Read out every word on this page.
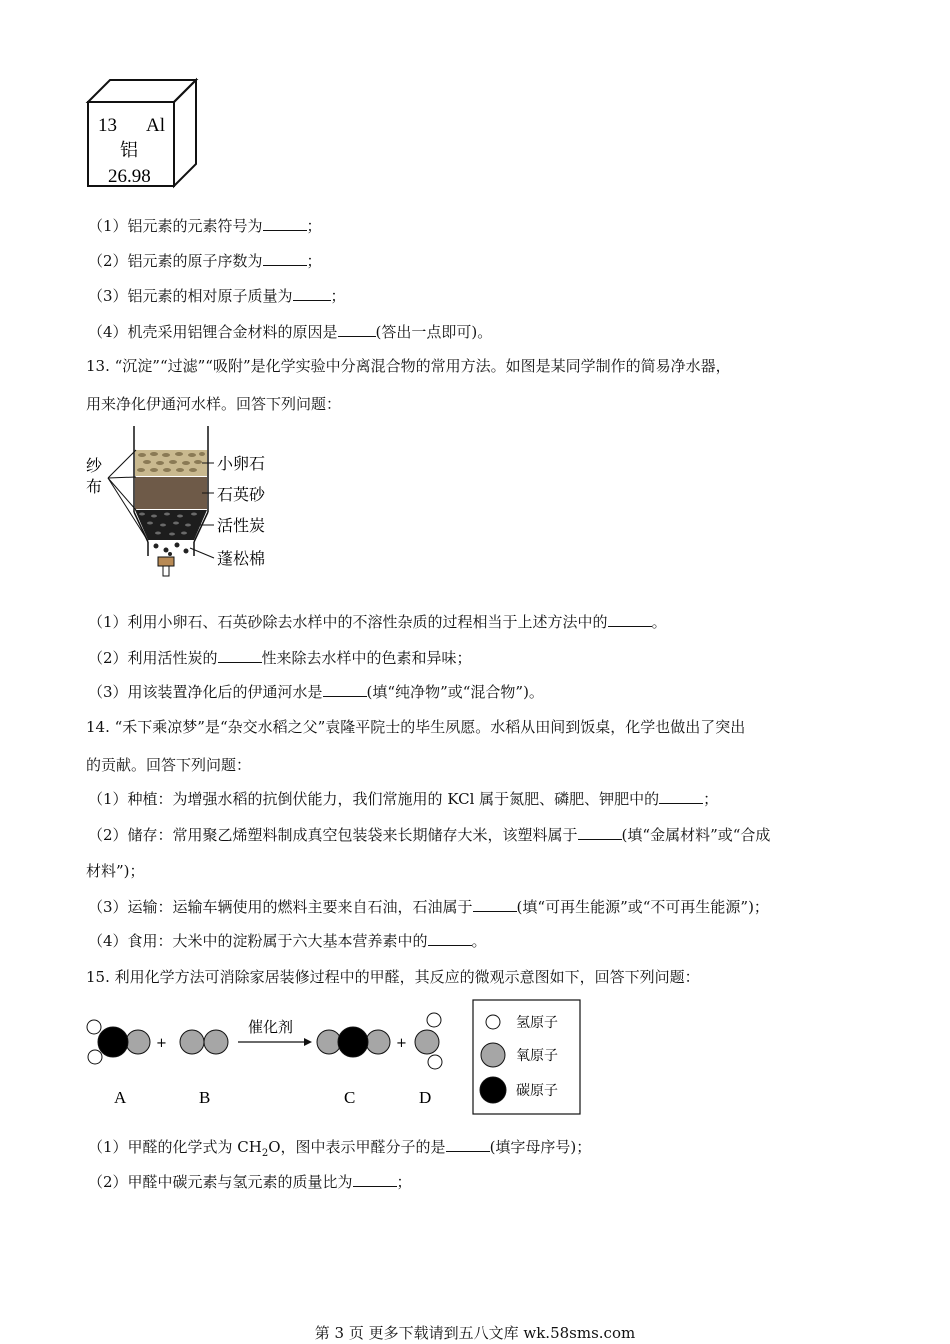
13 Al
铝
26.98
（1）铝元素的元素符号为	；
（2）铝元素的原子序数为	；
（3）铝元素的相对原子质量为	；
（4）机壳采用铝锂合金材料的原因是	(答出一点即可)。
13. “沉淀”“过滤”“吸附”是化学实验中分离混合物的常用方法。如图是某同学制作的简易净水器，
用来净化伊通河水样。回答下列问题：
纱
布
小卵石
石英砂
活性炭
蓬松棉
（1）利用小卵石、石英砂除去水样中的不溶性杂质的过程相当于上述方法中的	。
（2）利用活性炭的	性来除去水样中的色素和异味；
（3）用该装置净化后的伊通河水是	(填“纯净物”或“混合物”)。
14. “禾下乘凉梦”是“杂交水稻之父”袁隆平院士的毕生夙愿。水稻从田间到饭桌，化学也做出了突出
的贡献。回答下列问题：
（1）种植：为增强水稻的抗倒伏能力，我们常施用的 KCl 属于氮肥、磷肥、钾肥中的	；
（2）储存：常用聚乙烯塑料制成真空包装袋来长期储存大米，该塑料属于	(填“金属材料”或“合成
材料”)；
（3）运输：运输车辆使用的燃料主要来自石油，石油属于	(填“可再生能源”或“不可再生能源”)；
（4）食用：大米中的淀粉属于六大基本营养素中的	。
15. 利用化学方法可消除家居装修过程中的甲醛，其反应的微观示意图如下，回答下列问题：
+
催化剂
+
A	B	C	D
氢原子
氧原子
碳原子
（1）甲醛的化学式为 $CH_2O$，图中表示甲醛分子的是	(填字母序号)；
（2）甲醛中碳元素与氢元素的质量比为	；
第 3 页 更多下载请到五八文库 wk.58sms.com
